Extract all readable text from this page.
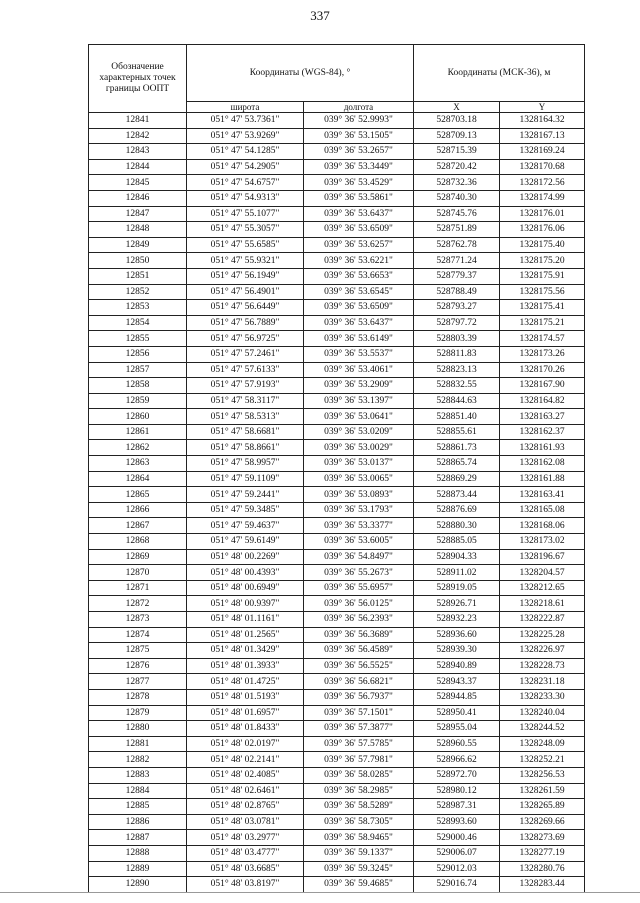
337
Обозначение характерных точек границы ООПТ	Координаты (WGS-84), °		Координаты (МСК-36), м	
	широта	долгота	X	Y
12841	051° 47' 53.7361"	039° 36' 52.9993"	528703.18	1328164.32
12842	051° 47' 53.9269"	039° 36' 53.1505"	528709.13	1328167.13
12843	051° 47' 54.1285"	039° 36' 53.2657"	528715.39	1328169.24
12844	051° 47' 54.2905"	039° 36' 53.3449"	528720.42	1328170.68
12845	051° 47' 54.6757"	039° 36' 53.4529"	528732.36	1328172.56
12846	051° 47' 54.9313"	039° 36' 53.5861"	528740.30	1328174.99
12847	051° 47' 55.1077"	039° 36' 53.6437"	528745.76	1328176.01
12848	051° 47' 55.3057"	039° 36' 53.6509"	528751.89	1328176.06
12849	051° 47' 55.6585"	039° 36' 53.6257"	528762.78	1328175.40
12850	051° 47' 55.9321"	039° 36' 53.6221"	528771.24	1328175.20
12851	051° 47' 56.1949"	039° 36' 53.6653"	528779.37	1328175.91
12852	051° 47' 56.4901"	039° 36' 53.6545"	528788.49	1328175.56
12853	051° 47' 56.6449"	039° 36' 53.6509"	528793.27	1328175.41
12854	051° 47' 56.7889"	039° 36' 53.6437"	528797.72	1328175.21
12855	051° 47' 56.9725"	039° 36' 53.6149"	528803.39	1328174.57
12856	051° 47' 57.2461"	039° 36' 53.5537"	528811.83	1328173.26
12857	051° 47' 57.6133"	039° 36' 53.4061"	528823.13	1328170.26
12858	051° 47' 57.9193"	039° 36' 53.2909"	528832.55	1328167.90
12859	051° 47' 58.3117"	039° 36' 53.1397"	528844.63	1328164.82
12860	051° 47' 58.5313"	039° 36' 53.0641"	528851.40	1328163.27
12861	051° 47' 58.6681"	039° 36' 53.0209"	528855.61	1328162.37
12862	051° 47' 58.8661"	039° 36' 53.0029"	528861.73	1328161.93
12863	051° 47' 58.9957"	039° 36' 53.0137"	528865.74	1328162.08
12864	051° 47' 59.1109"	039° 36' 53.0065"	528869.29	1328161.88
12865	051° 47' 59.2441"	039° 36' 53.0893"	528873.44	1328163.41
12866	051° 47' 59.3485"	039° 36' 53.1793"	528876.69	1328165.08
12867	051° 47' 59.4637"	039° 36' 53.3377"	528880.30	1328168.06
12868	051° 47' 59.6149"	039° 36' 53.6005"	528885.05	1328173.02
12869	051° 48' 00.2269"	039° 36' 54.8497"	528904.33	1328196.67
12870	051° 48' 00.4393"	039° 36' 55.2673"	528911.02	1328204.57
12871	051° 48' 00.6949"	039° 36' 55.6957"	528919.05	1328212.65
12872	051° 48' 00.9397"	039° 36' 56.0125"	528926.71	1328218.61
12873	051° 48' 01.1161"	039° 36' 56.2393"	528932.23	1328222.87
12874	051° 48' 01.2565"	039° 36' 56.3689"	528936.60	1328225.28
12875	051° 48' 01.3429"	039° 36' 56.4589"	528939.30	1328226.97
12876	051° 48' 01.3933"	039° 36' 56.5525"	528940.89	1328228.73
12877	051° 48' 01.4725"	039° 36' 56.6821"	528943.37	1328231.18
12878	051° 48' 01.5193"	039° 36' 56.7937"	528944.85	1328233.30
12879	051° 48' 01.6957"	039° 36' 57.1501"	528950.41	1328240.04
12880	051° 48' 01.8433"	039° 36' 57.3877"	528955.04	1328244.52
12881	051° 48' 02.0197"	039° 36' 57.5785"	528960.55	1328248.09
12882	051° 48' 02.2141"	039° 36' 57.7981"	528966.62	1328252.21
12883	051° 48' 02.4085"	039° 36' 58.0285"	528972.70	1328256.53
12884	051° 48' 02.6461"	039° 36' 58.2985"	528980.12	1328261.59
12885	051° 48' 02.8765"	039° 36' 58.5289"	528987.31	1328265.89
12886	051° 48' 03.0781"	039° 36' 58.7305"	528993.60	1328269.66
12887	051° 48' 03.2977"	039° 36' 58.9465"	529000.46	1328273.69
12888	051° 48' 03.4777"	039° 36' 59.1337"	529006.07	1328277.19
12889	051° 48' 03.6685"	039° 36' 59.3245"	529012.03	1328280.76
12890	051° 48' 03.8197"	039° 36' 59.4685"	529016.74	1328283.44
